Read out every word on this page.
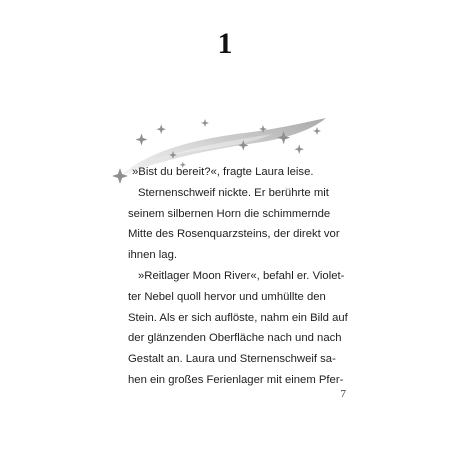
1
»Bist du bereit?«, fragte Laura leise.
Sternenschweif nickte. Er berührte mit
seinem silbernen Horn die schimmernde
Mitte des Rosenquarzsteins, der direkt vor
ihnen lag.
»Reitlager Moon River«, befahl er. Violet-
ter Nebel quoll hervor und umhüllte den
Stein. Als er sich auflöste, nahm ein Bild auf
der glänzenden Oberfläche nach und nach
Gestalt an. Laura und Sternenschweif sa-
hen ein großes Ferienlager mit einem Pfer-
7
